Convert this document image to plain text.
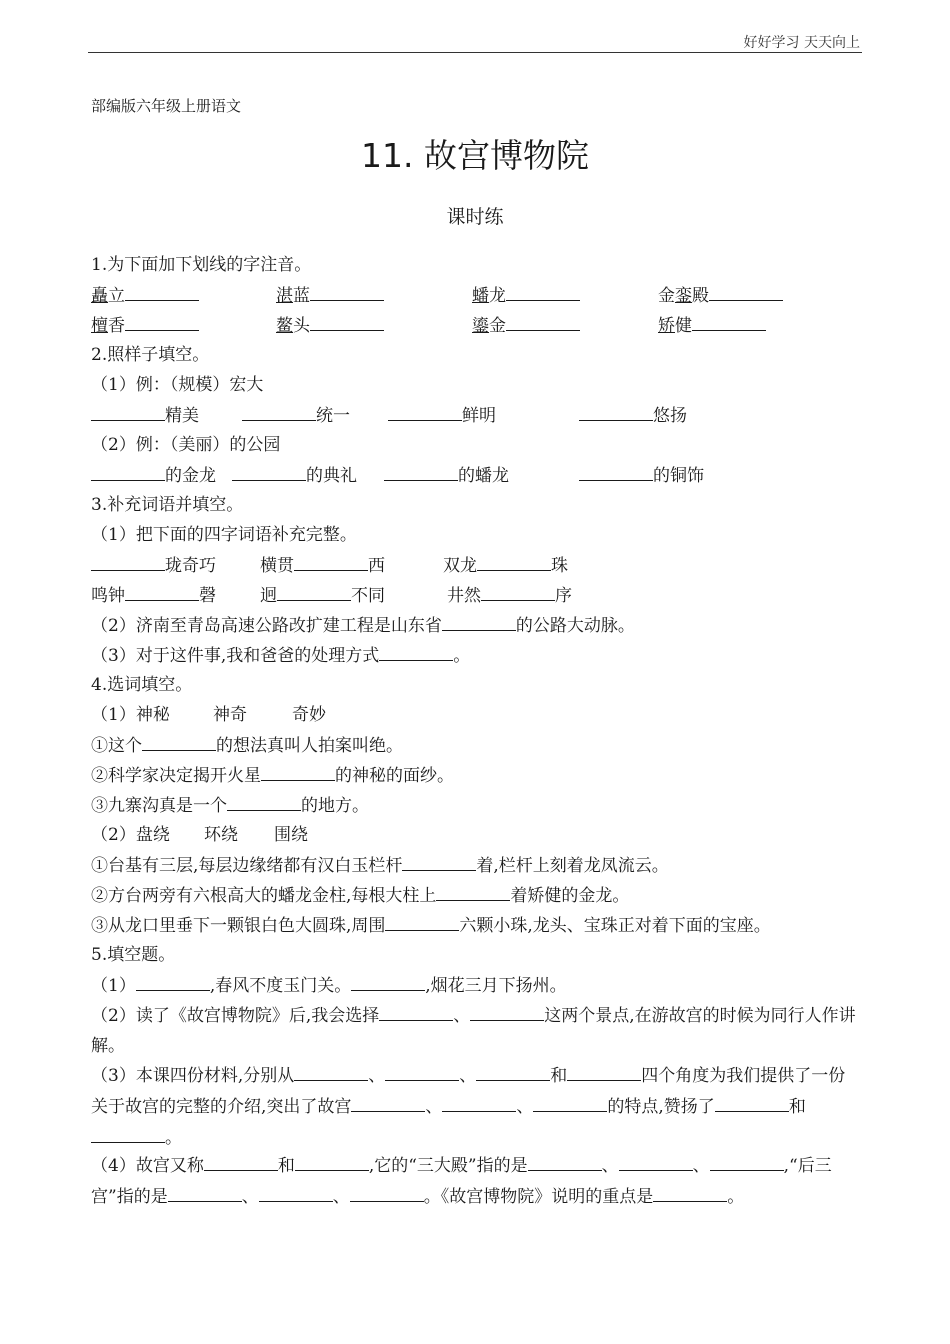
好好学习 天天向上
部编版六年级上册语文
11. 故宫博物院
课时练
1.为下面加下划线的字注音。
矗立	湛蓝	蟠龙	金銮殿
檀香	鳌头	鎏金	矫健
2.照样子填空。
（1）例：（规模）宏大
精美	统一	鲜明	悠扬
（2）例：（美丽）的公园
的金龙	的典礼	的蟠龙	的铜饰
3.补充词语并填空。
（1）把下面的四字词语补充完整。
珑奇巧	横贯	西	双龙	珠
鸣钟	磬	迥	不同	井然	序
（2）济南至青岛高速公路改扩建工程是山东省	的公路大动脉。
（3）对于这件事,我和爸爸的处理方式	。
4.选词填空。
（1）神秘	神奇	奇妙
①这个	的想法真叫人拍案叫绝。
②科学家决定揭开火星	的神秘的面纱。
③九寨沟真是一个	的地方。
（2）盘绕 环绕 围绕
①台基有三层,每层边缘绪都有汉白玉栏杆	着,栏杆上刻着龙凤流云。
②方台两旁有六根高大的蟠龙金柱,每根大柱上	着矫健的金龙。
③从龙口里垂下一颗银白色大圆珠,周围	六颗小珠,龙头、宝珠正对着下面的宝座。
5.填空题。
（1）	,春风不度玉门关。	,烟花三月下扬州。
（2）读了《故宫博物院》后,我会选择	、	这两个景点,在游故宫的时候为同行人作讲解。
（3）本课四份材料,分别从	、	、	和	四个角度为我们提供了一份关于故宫的完整的介绍,突出了故宫	、	、	的特点,赞扬了	和。
（4）故宫又称	和	,它的“三大殿”指的是	、	、	,“后三宫”指的是	、	、	。《故宫博物院》说明的重点是	。
